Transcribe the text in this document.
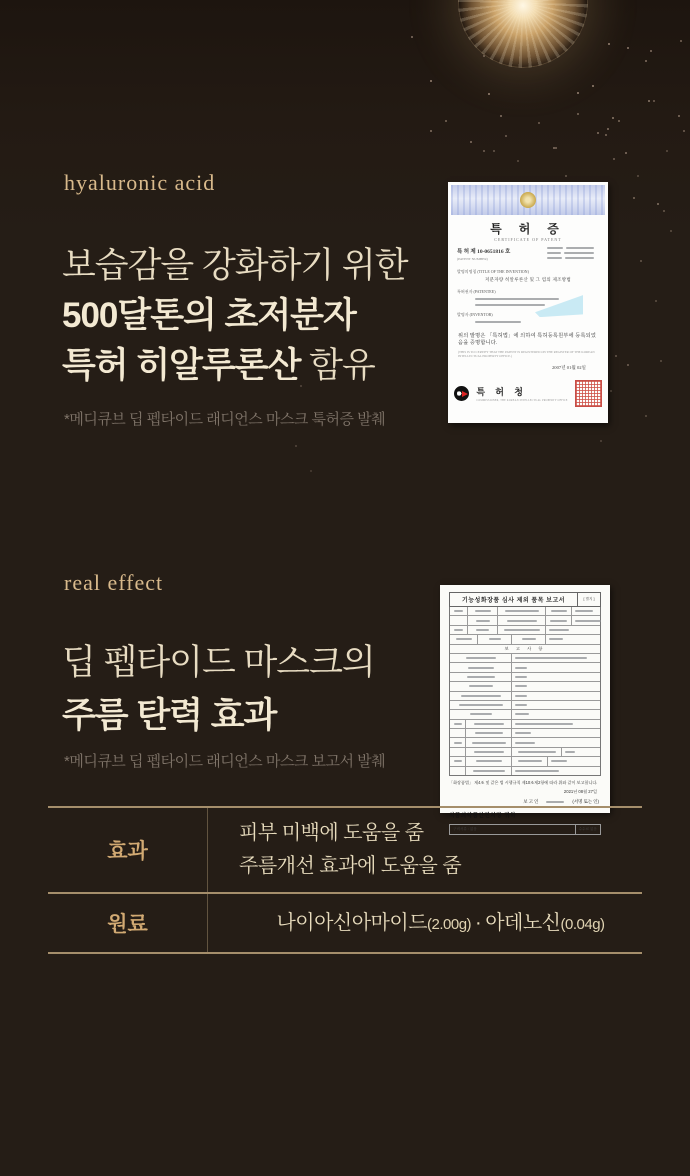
hyaluronic acid
보습감을 강화하기 위한
500달톤의 초저분자
특허 히알루론산 함유
*메디큐브 딥 펩타이드 래디언스 마스크 특허증 발췌
특 허 증
CERTIFICATE OF PATENT
특 허 제 10-0651816 호
(PATENT NUMBER)
발명의명칭 (TITLE OF THE INVENTION)
저분자량 히알루론산 및 그 염의 제조방법
특허권자 (PATENTEE)
발명자 (INVENTOR)
위의 발명은 「특허법」에 의하여 특허등록원부에 등록되었음을 증명합니다.
(THIS IS TO CERTIFY THAT THE PATENT IS REGISTERED ON THE REGISTER OF THE KOREAN INTELLECTUAL PROPERTY OFFICE.)
2007년 01월 02일
특 허 청
COMMISSIONER, THE KOREAN INTELLECTUAL PROPERTY OFFICE
real effect
딥 펩타이드 마스크의
주름 탄력 효과
*메디큐브 딥 펩타이드 래디언스 마스크 보고서 발췌
기능성화장품 심사 제외 품목 보고서	[ 별지 ]
보 고 사 항
「화장품법」 제4조 및 같은 법 시행규칙 제10조제2항에 따라 위와 같이 보고합니다.
2021년 08월 27일
보 고 인	(서명 또는 인)
식품의약품안전처장 귀하
구비서류 : 없음	수수료 없음
효과
피부 미백에 도움을 줌
주름개선 효과에 도움을 줌
원료	나이아신아마이드 (2.00g) · 아데노신 (0.04g)
